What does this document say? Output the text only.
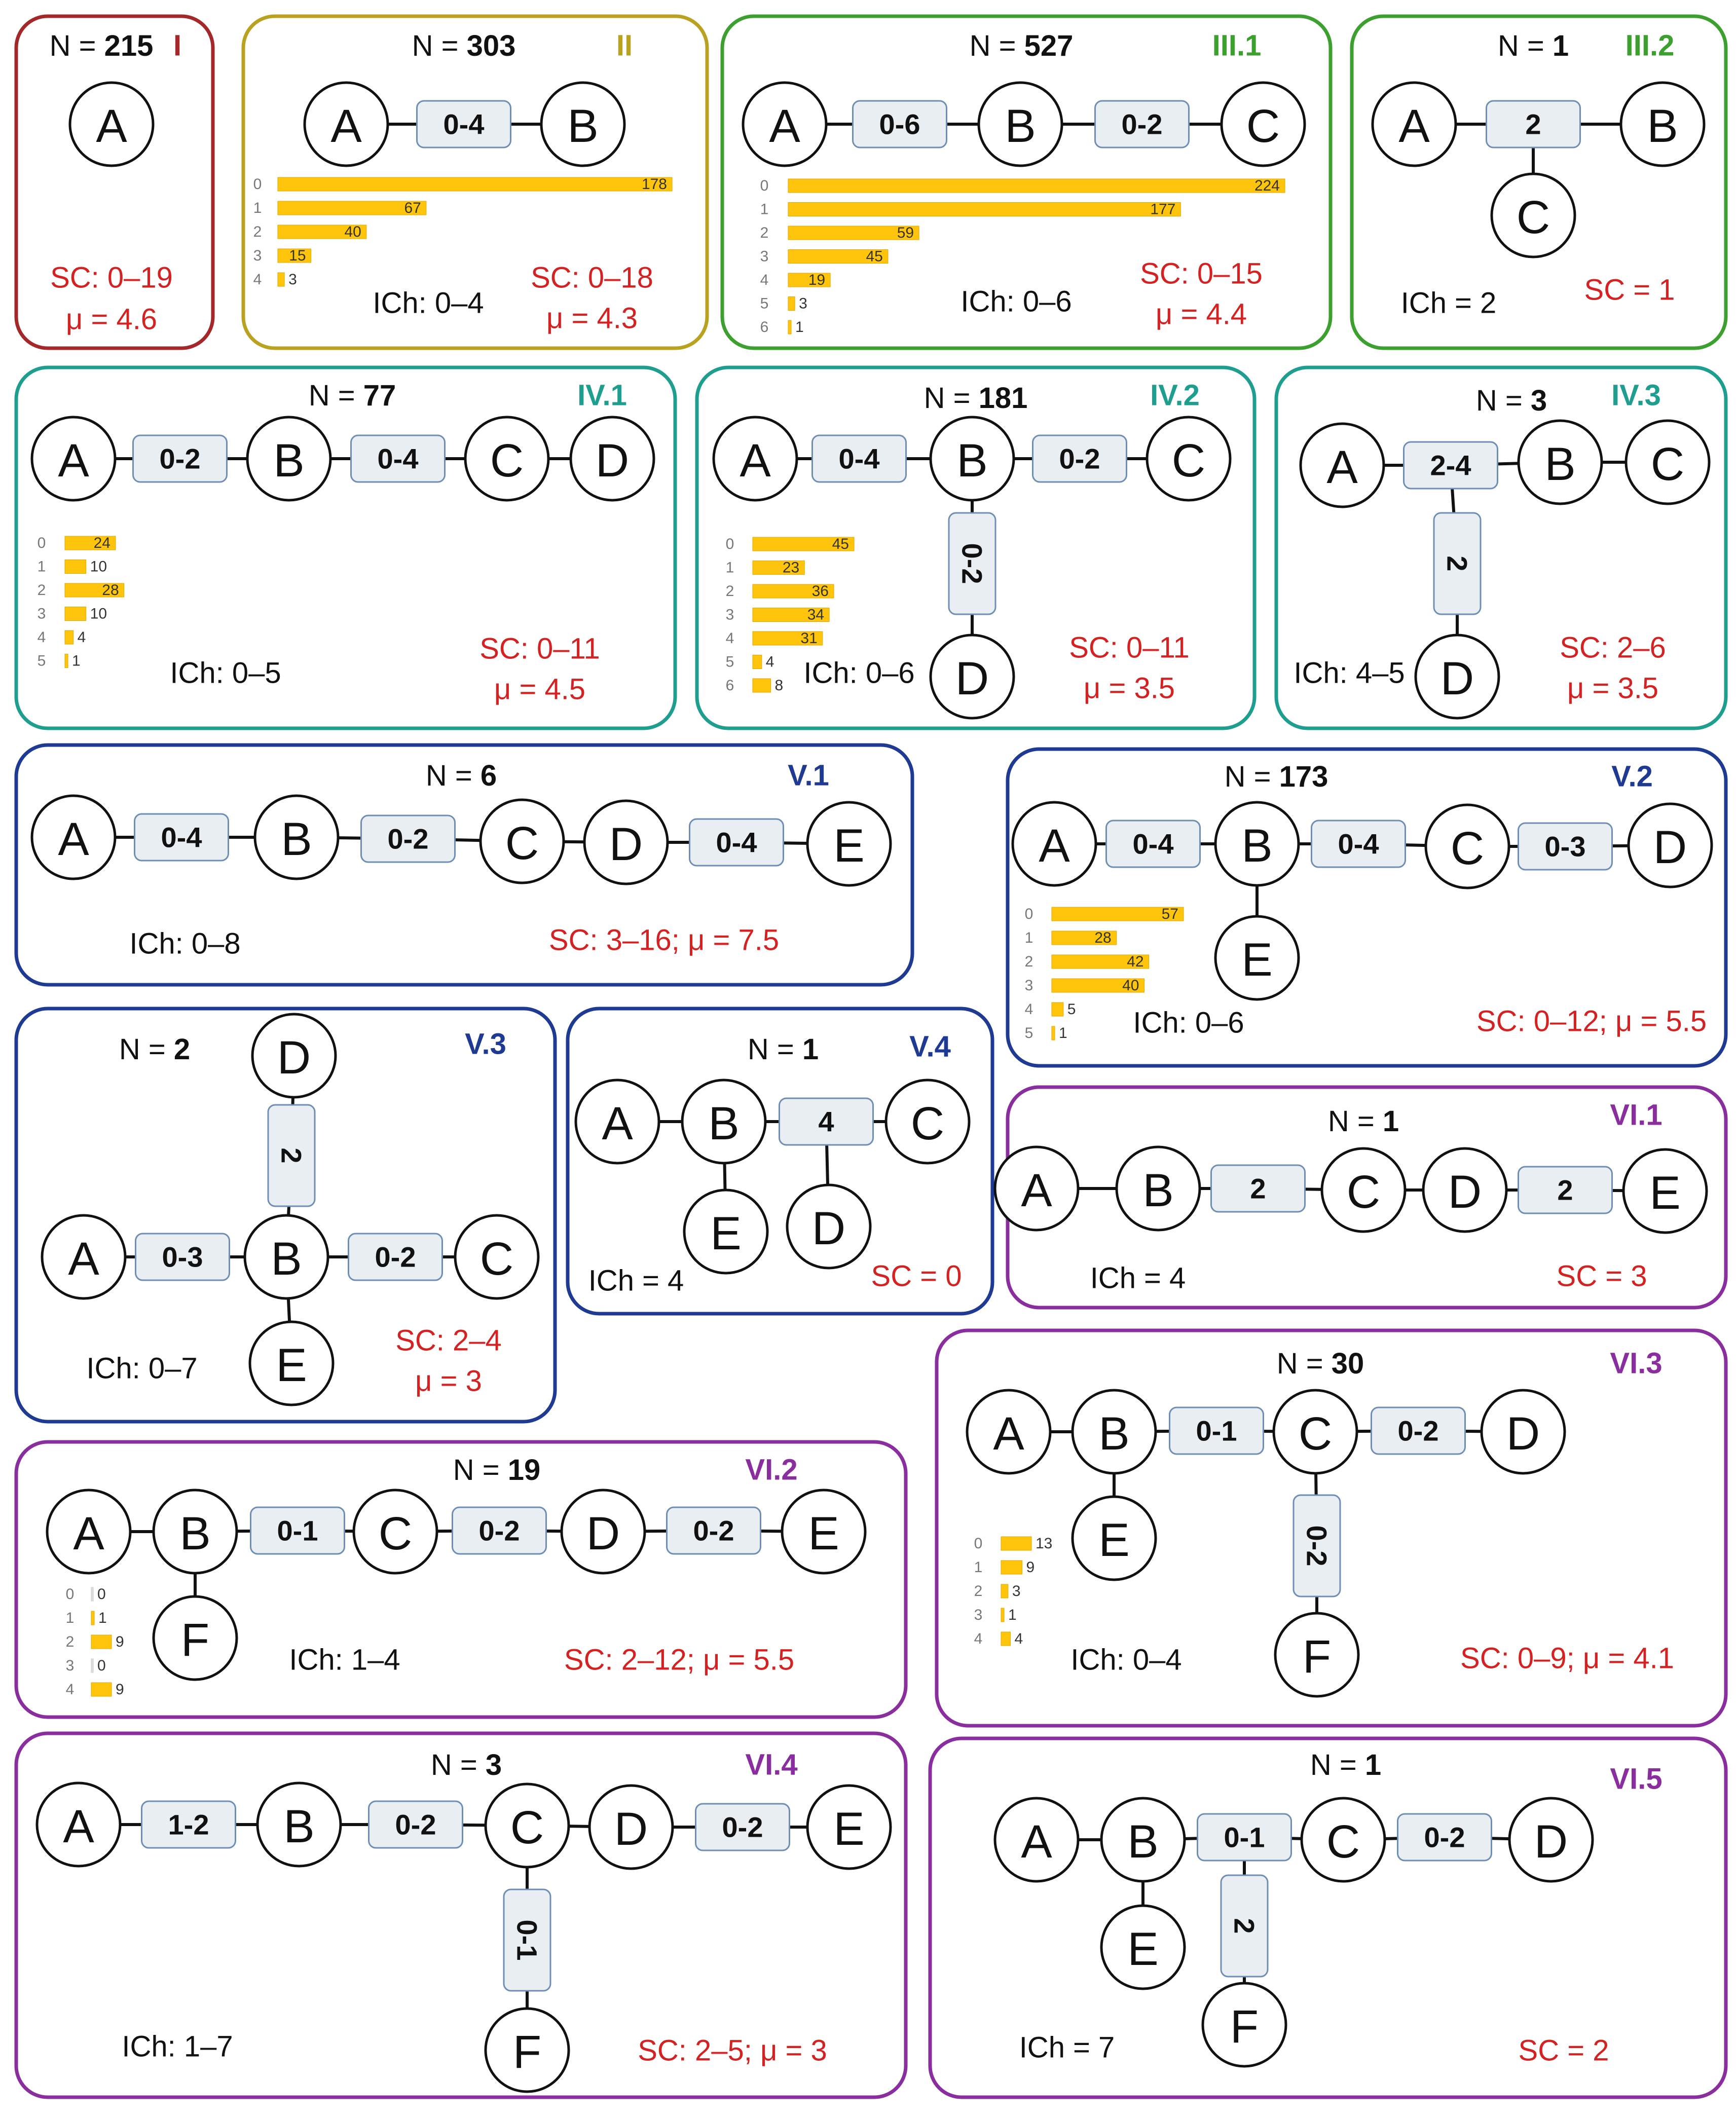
N = 215 I
A
SC: 0–19
μ = 4.6
N = 303	II
0-4
A	B
0	178
1	67
2	40
3 15
4 3
ICh: 0–4
SC: 0–18
μ = 4.3
N = 527	III.1
0-6	0-2
A	B	C
0	224
1	177
2	59
3	45
4	19
5 3
6 1
ICh: 0–6
SC: 0–15
μ = 4.4
N = 1 III.2
2
A	B
C
ICh = 2	SC = 1
N = 77	IV.1
0-2	0-4
A	B	C D
0	24
1	10
2	28
3	10
4 4
5 1	ICh: 0–5
SC: 0–11
μ = 4.5
N = 181	IV.2
0-4	0-2
0-2
A	B	C
D
0	45
1	23
2	36
3	34
4	31
5 4
6	8 ICh: 0–6
SC: 0–11
μ = 3.5
N = 3 IV.3
2-4
2
A	B C
D
ICh: 4–5
SC: 2–6
μ = 3.5
N = 6	V.1
0-4	0-2	0-4
A	B	C D	E
ICh: 0–8	SC: 3–16; μ = 7.5
N = 173	V.2
0-4	0-4	0-3
A	B	C	D
E
0	57
1	28
2	42
3	40
4 5
5 1 ICh: 0–6	SC: 0–12; μ = 5.5
N = 2	V.3
0-3	0-2
2
A	B	C
D
E
ICh: 0–7
SC: 2–4
μ = 3
N = 1	V.4
4
A B	C
D
E
ICh = 4	SC = 0
N = 1	VI.1
2	2
A B	C D	E
ICh = 4	SC = 3
N = 19	VI.2
0-1	0-2	0-2
A B	C	D	E
F
0 0
1 1
2	9
3 0
4	9
ICh: 1–4	SC: 2–12; μ = 5.5
N = 30	VI.3
0-1	0-2
0-2
A B	C	D
E
F
0	13
1	9
2 3
3 1
4 4
ICh: 0–4	SC: 0–9; μ = 4.1
N = 3	VI.4
1-2	0-2	0-2
0-1
A	B	C D	E
F
ICh: 1–7	SC: 2–5; μ = 3
N = 1	VI.5
0-1	0-2
2
A B	C	D
E
F
ICh = 7	SC = 2
